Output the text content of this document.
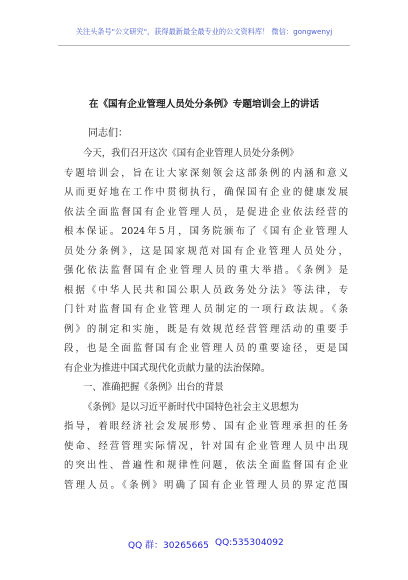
关注头条号"公文研究"，获得最新最全最专业的公文资料库！ 微信：gongwenyj
在《国有企业管理人员处分条例》专题培训会上的讲话
同志们：
今天，我们召开这次《国有企业管理人员处分条例》
专题培训会，旨在让大家深刻领会这部条例的内涵和意义
从而更好地在工作中贯彻执行，确保国有企业的健康发展
依法全面监督国有企业管理人员，是促进企业依法经营的
根本保证。2024年5月，国务院颁布了《国有企业管理人
员处分条例》，这是国家规范对国有企业管理人员处分，
强化依法监督国有企业管理人员的重大举措。《条例》是
根据《中华人民共和国公职人员政务处分法》等法律，专
门针对监督国有企业管理人员制定的一项行政法规。《条
例》的制定和实施，既是有效规范经营管理活动的重要手
段，也是全面监督国有企业管理人员的重要途径，更是国
有企业为推进中国式现代化贡献力量的法治保障。
一、准确把握《条例》出台的背景
《条例》是以习近平新时代中国特色社会主义思想为
指导，着眼经济社会发展形势、国有企业管理承担的任务
使命、经营管理实际情况，针对国有企业管理人员中出现
的突出性、普遍性和规律性问题，依法全面监督国有企业
管理人员。《条例》明确了国有企业管理人员的界定范围
QQ 群：30265665 QQ:535304092
